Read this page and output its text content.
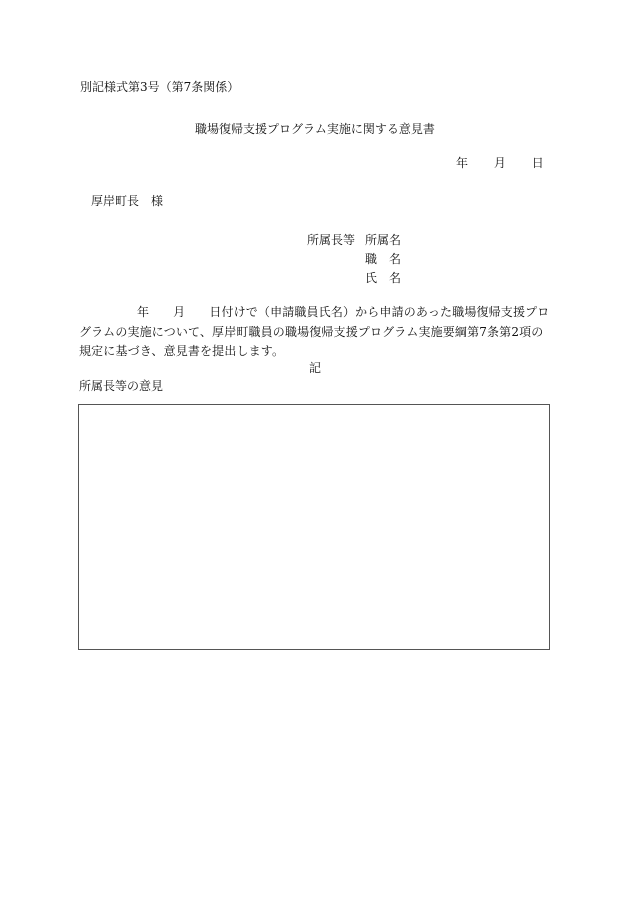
別記様式第3号（第7条関係）
職場復帰支援プログラム実施に関する意見書
年 月 日
厚岸町長 様
所属長等 所属名
職　名
氏　名
年 月 日付けで（申請職員氏名）から申請のあった職場復帰支援プログラムの実施について、厚岸町職員の職場復帰支援プログラム実施要綱第7条第2項の規定に基づき、意見書を提出します。
記
所属長等の意見
